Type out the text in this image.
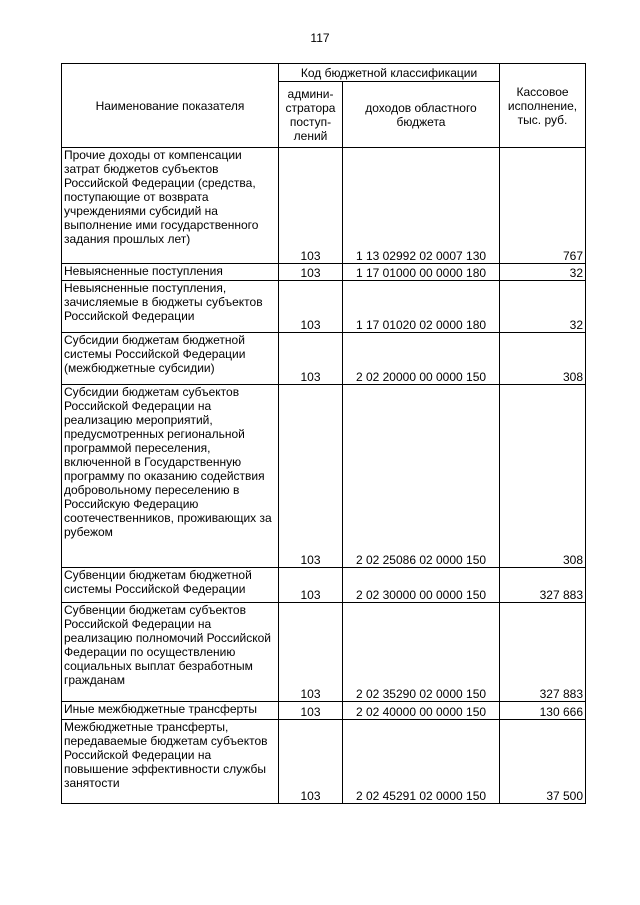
117
Наименование показателя	Код бюджетной классификации		Кассовое исполнение, тыс. руб.
	админи-стратора поступ-лений	доходов областного бюджета	
Прочие доходы от компенсации затрат бюджетов субъектов Российской Федерации (средства, поступающие от возврата учреждениями субсидий на выполнение ими государственного задания прошлых лет)	103	1 13 02992 02 0007 130	767
Невыясненные поступления	103	1 17 01000 00 0000 180	32
Невыясненные поступления, зачисляемые в бюджеты субъектов Российской Федерации	103	1 17 01020 02 0000 180	32
Субсидии бюджетам бюджетной системы Российской Федерации (межбюджетные субсидии)	103	2 02 20000 00 0000 150	308
Субсидии бюджетам субъектов Российской Федерации на реализацию мероприятий, предусмотренных региональной программой переселения, включенной в Государственную программу по оказанию содействия добровольному переселению в Российскую Федерацию соотечественников, проживающих за рубежом	103	2 02 25086 02 0000 150	308
Субвенции бюджетам бюджетной системы Российской Федерации	103	2 02 30000 00 0000 150	327 883
Субвенции бюджетам субъектов Российской Федерации на реализацию полномочий Российской Федерации по осуществлению социальных выплат безработным гражданам	103	2 02 35290 02 0000 150	327 883
Иные межбюджетные трансферты	103	2 02 40000 00 0000 150	130 666
Межбюджетные трансферты, передаваемые бюджетам субъектов Российской Федерации на повышение эффективности службы занятости	103	2 02 45291 02 0000 150	37 500
